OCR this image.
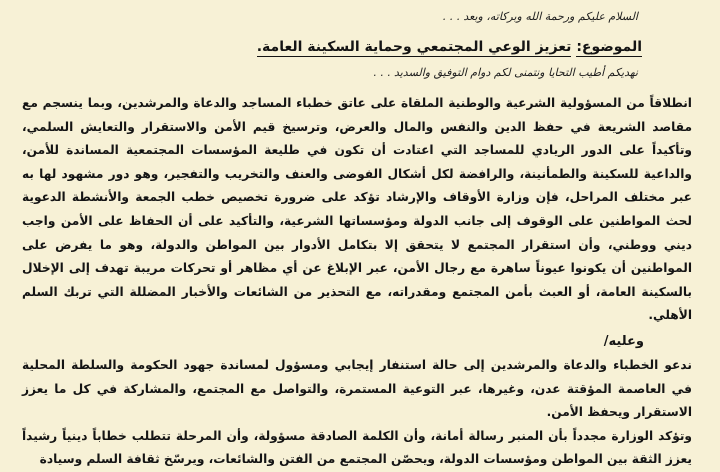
السلام عليكم ورحمة الله وبركاته، وبعد . . .

الموضوع: تعزيز الوعي المجتمعي وحماية السكينة العامة.

نهديكم أطيب التحايا ونتمنى لكم دوام التوفيق والسديد . . .

انطلاقاً من المسؤولية الشرعية والوطنية الملقاة على عاتق خطباء المساجد والدعاة والمرشدين، وبما ينسجم مع مقاصد الشريعة في حفظ الدين والنفس والمال والعرض، وترسيخ قيم الأمن والاستقرار والتعايش السلمي، وتأكيداً على الدور الريادي للمساجد التي اعتادت أن تكون في طليعة المؤسسات المجتمعية المساندة للأمن، والداعية للسكينة والطمأنينة، والرافضة لكل أشكال الفوضى والعنف والتخريب والتفجير، وهو دور مشهود لها به عبر مختلف المراحل، فإن وزارة الأوقاف والإرشاد تؤكد على ضرورة تخصيص خطب الجمعة والأنشطة الدعوية لحث المواطنين على الوقوف إلى جانب الدولة ومؤسساتها الشرعية، والتأكيد على أن الحفاظ على الأمن واجب ديني ووطني، وأن استقرار المجتمع لا يتحقق إلا بتكامل الأدوار بين المواطن والدولة، وهو ما يفرض على المواطنين أن يكونوا عيوناً ساهرة مع رجال الأمن، عبر الإبلاغ عن أي مظاهر أو تحركات مريبة تهدف إلى الإخلال بالسكينة العامة، أو العبث بأمن المجتمع ومقدراته، مع التحذير من الشائعات والأخبار المضللة التي تربك السلم الأهلي.

وعليه/

ندعو الخطباء والدعاة والمرشدين إلى حالة استنفار إيجابي ومسؤول لمساندة جهود الحكومة والسلطة المحلية في العاصمة المؤقتة عدن، وغيرها، عبر التوعية المستمرة، والتواصل مع المجتمع، والمشاركة في كل ما يعزز الاستقرار ويحفظ الأمن.

وتؤكد الوزارة مجدداً بأن المنبر رسالة أمانة، وأن الكلمة الصادقة مسؤولة، وأن المرحلة تتطلب خطاباً دينياً رشيداً يعزز الثقة بين المواطن ومؤسسات الدولة، ويحصّن المجتمع من الفتن والشائعات، ويرسّخ ثقافة السلم وسيادة
